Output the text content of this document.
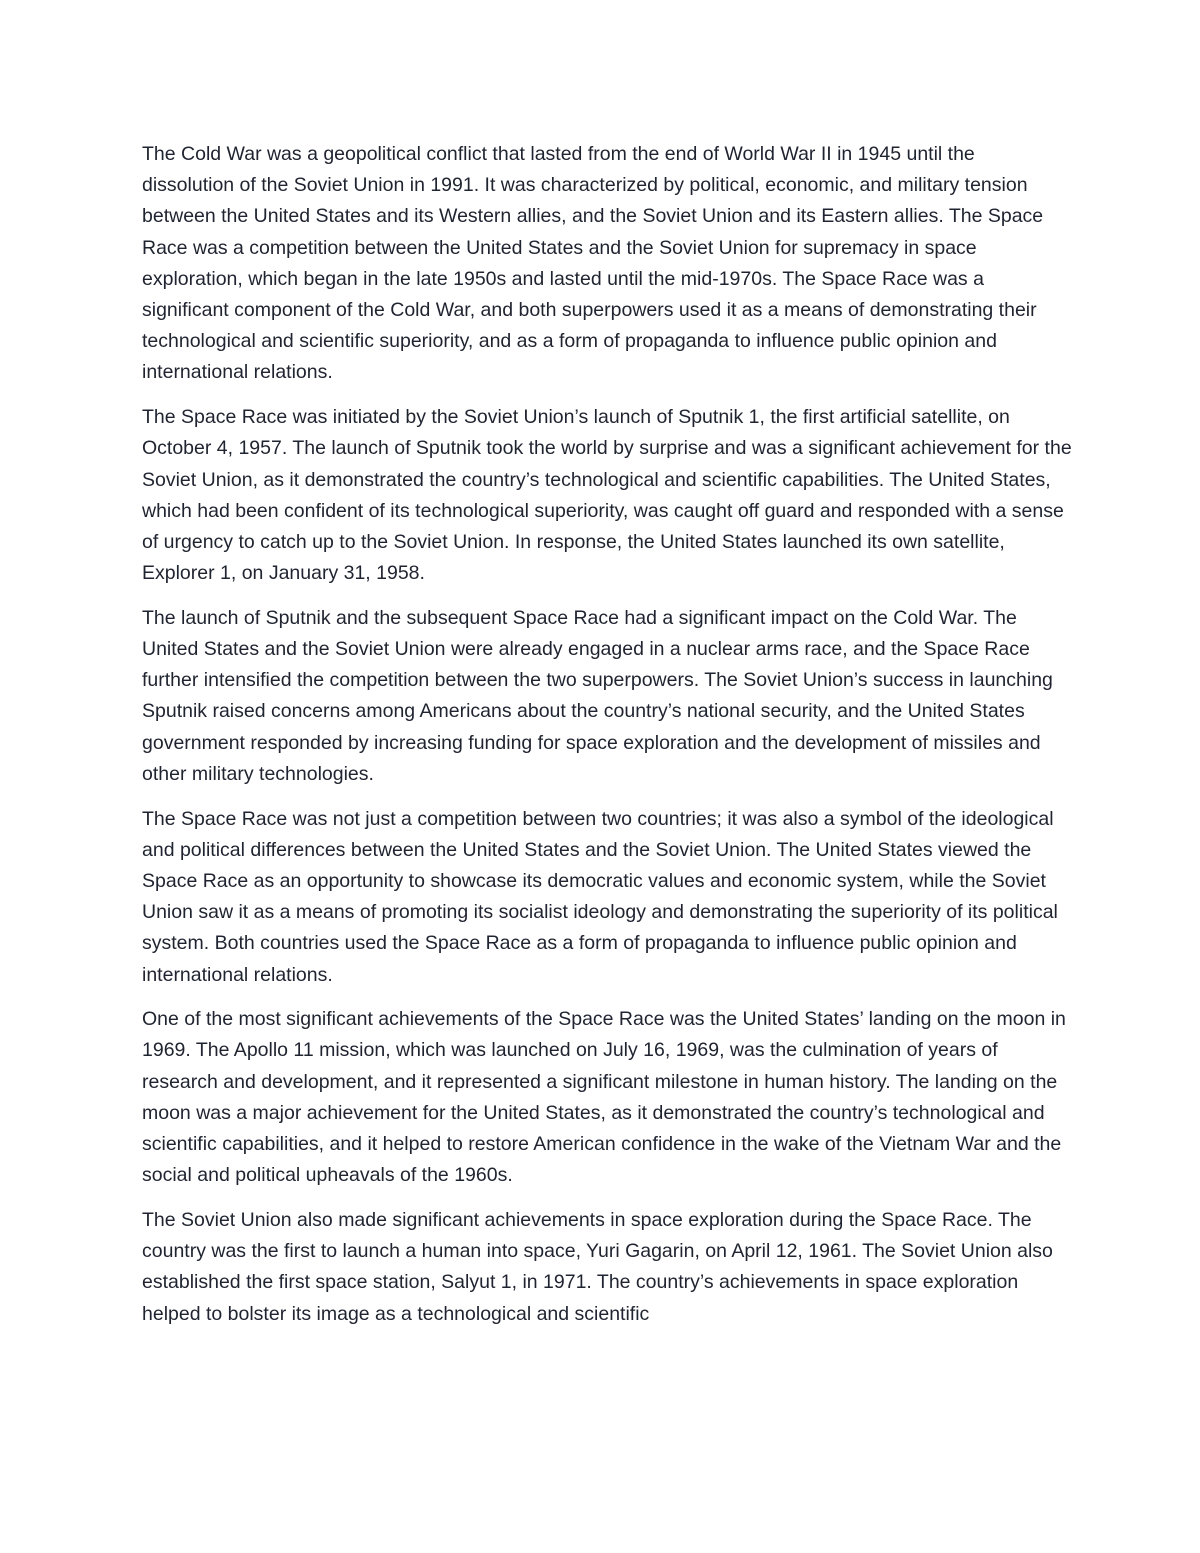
The Cold War was a geopolitical conflict that lasted from the end of World War II in 1945 until the dissolution of the Soviet Union in 1991. It was characterized by political, economic, and military tension between the United States and its Western allies, and the Soviet Union and its Eastern allies. The Space Race was a competition between the United States and the Soviet Union for supremacy in space exploration, which began in the late 1950s and lasted until the mid-1970s. The Space Race was a significant component of the Cold War, and both superpowers used it as a means of demonstrating their technological and scientific superiority, and as a form of propaganda to influence public opinion and international relations.

The Space Race was initiated by the Soviet Union’s launch of Sputnik 1, the first artificial satellite, on October 4, 1957. The launch of Sputnik took the world by surprise and was a significant achievement for the Soviet Union, as it demonstrated the country’s technological and scientific capabilities. The United States, which had been confident of its technological superiority, was caught off guard and responded with a sense of urgency to catch up to the Soviet Union. In response, the United States launched its own satellite, Explorer 1, on January 31, 1958.

The launch of Sputnik and the subsequent Space Race had a significant impact on the Cold War. The United States and the Soviet Union were already engaged in a nuclear arms race, and the Space Race further intensified the competition between the two superpowers. The Soviet Union’s success in launching Sputnik raised concerns among Americans about the country’s national security, and the United States government responded by increasing funding for space exploration and the development of missiles and other military technologies.

The Space Race was not just a competition between two countries; it was also a symbol of the ideological and political differences between the United States and the Soviet Union. The United States viewed the Space Race as an opportunity to showcase its democratic values and economic system, while the Soviet Union saw it as a means of promoting its socialist ideology and demonstrating the superiority of its political system. Both countries used the Space Race as a form of propaganda to influence public opinion and international relations.

One of the most significant achievements of the Space Race was the United States’ landing on the moon in 1969. The Apollo 11 mission, which was launched on July 16, 1969, was the culmination of years of research and development, and it represented a significant milestone in human history. The landing on the moon was a major achievement for the United States, as it demonstrated the country’s technological and scientific capabilities, and it helped to restore American confidence in the wake of the Vietnam War and the social and political upheavals of the 1960s.

The Soviet Union also made significant achievements in space exploration during the Space Race. The country was the first to launch a human into space, Yuri Gagarin, on April 12, 1961. The Soviet Union also established the first space station, Salyut 1, in 1971. The country’s achievements in space exploration helped to bolster its image as a technological and scientific
